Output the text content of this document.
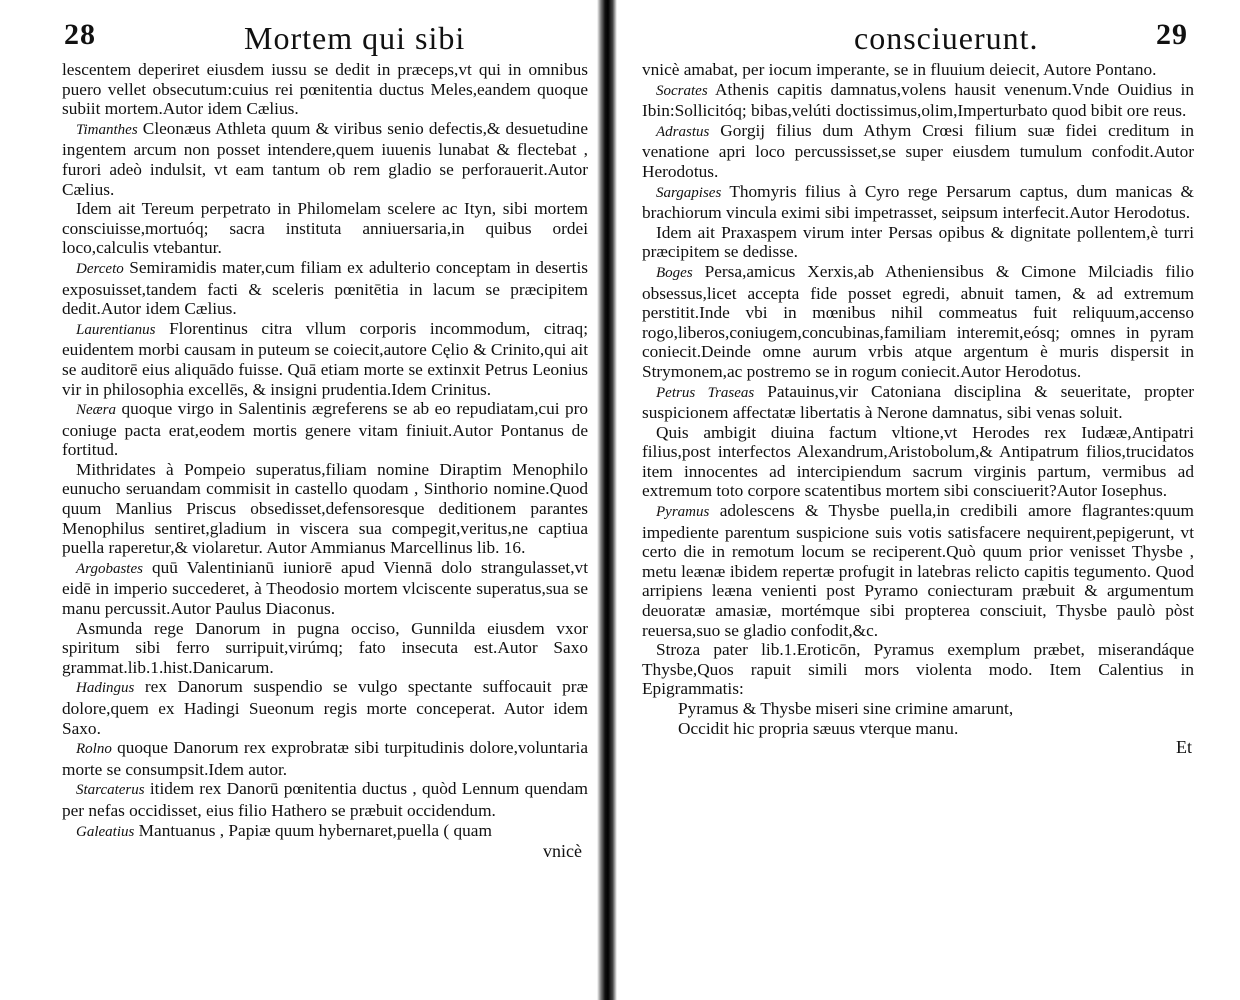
28	Mortem qui sibi

lescentem deperiret eiusdem iussu se dedit in præceps,vt qui in omnibus puero vellet obsecutum:cuius rei pœnitentia ductus Meles,eandem quoque subiit mortem.Autor idem Cælius.

Timanthes Cleonæus Athleta quum & viribus senio defectis,& desuetudine ingentem arcum non posset intendere,quem iuuenis lunabat & flectebat , furori adeò indulsit, vt eam tantum ob rem gladio se perforauerit.Autor Cælius.

Idem ait Tereum perpetrato in Philomelam scelere ac Ityn, sibi mortem consciuisse,mortuóq; sacra instituta anniuersaria,in quibus ordei loco,calculis vtebantur.

Derceto Semiramidis mater,cum filiam ex adulterio conceptam in desertis exposuisset,tandem facti & sceleris pœnitētia in lacum se præcipitem dedit.Autor idem Cælius.

Laurentianus Florentinus citra vllum corporis incommodum, citraq; euidentem morbi causam in puteum se coiecit,autore Cęlio & Crinito,qui ait se auditorē eius aliquādo fuisse. Quā etiam morte se extinxit Petrus Leonius vir in philosophia excellēs, & insigni prudentia.Idem Crinitus.

Neæra quoque virgo in Salentinis ægreferens se ab eo repudiatam,cui pro coniuge pacta erat,eodem mortis genere vitam finiuit.Autor Pontanus de fortitud.

Mithridates à Pompeio superatus,filiam nomine Diraptim Menophilo eunucho seruandam commisit in castello quodam , Sinthorio nomine.Quod quum Manlius Priscus obsedisset,defensoresque deditionem parantes Menophilus sentiret,gladium in viscera sua compegit,veritus,ne captiua puella raperetur,& violaretur. Autor Ammianus Marcellinus lib. 16.

Argobastes quū Valentinianū iuniorē apud Viennā dolo strangulasset,vt eidē in imperio succederet, à Theodosio mortem vlciscente superatus,sua se manu percussit.Autor Paulus Diaconus.

Asmunda rege Danorum in pugna occiso, Gunnilda eiusdem vxor spiritum sibi ferro surripuit,virúmq; fato insecuta est.Autor Saxo grammat.lib.1.hist.Danicarum.

Hadingus rex Danorum suspendio se vulgo spectante suffocauit præ dolore,quem ex Hadingi Sueonum regis morte conceperat. Autor idem Saxo.

Rolno quoque Danorum rex exprobratæ sibi turpitudinis dolore,voluntaria morte se consumpsit.Idem autor.

Starcaterus itidem rex Danorū pœnitentia ductus , quòd Lennum quendam per nefas occidisset, eius filio Hathero se præbuit occidendum.

Galeatius Mantuanus , Papiæ quum hybernaret,puella ( quam

vnicè
consciuerunt.	29

vnicè amabat, per iocum imperante, se in fluuium deiecit, Autore Pontano.

Socrates Athenis capitis damnatus,volens hausit venenum.Vnde Ouidius in Ibin:Sollicitóq; bibas,velúti doctissimus,olim,Imperturbato quod bibit ore reus.

Adrastus Gorgij filius dum Athym Crœsi filium suæ fidei creditum in venatione apri loco percussisset,se super eiusdem tumulum confodit.Autor Herodotus.

Sargapises Thomyris filius à Cyro rege Persarum captus, dum manicas & brachiorum vincula eximi sibi impetrasset, seipsum interfecit.Autor Herodotus.

Idem ait Praxaspem virum inter Persas opibus & dignitate pollentem,è turri præcipitem se dedisse.

Boges Persa,amicus Xerxis,ab Atheniensibus & Cimone Milciadis filio obsessus,licet accepta fide posset egredi, abnuit tamen, & ad extremum perstitit.Inde vbi in mœnibus nihil commeatus fuit reliquum,accenso rogo,liberos,coniugem,concubinas,familiam interemit,eósq; omnes in pyram coniecit.Deinde omne aurum vrbis atque argentum è muris dispersit in Strymonem,ac postremo se in rogum coniecit.Autor Herodotus.

Petrus Traseas Patauinus,vir Catoniana disciplina & seueritate, propter suspicionem affectatæ libertatis à Nerone damnatus, sibi venas soluit.

Quis ambigit diuina factum vltione,vt Herodes rex Iudææ,Antipatri filius,post interfectos Alexandrum,Aristobolum,& Antipatrum filios,trucidatos item innocentes ad intercipiendum sacrum virginis partum, vermibus ad extremum toto corpore scatentibus mortem sibi consciuerit?Autor Iosephus.

Pyramus adolescens & Thysbe puella,in credibili amore flagrantes:quum impediente parentum suspicione suis votis satisfacere nequirent,pepigerunt, vt certo die in remotum locum se reciperent.Quò quum prior venisset Thysbe , metu leænæ ibidem repertæ profugit in latebras relicto capitis tegumento. Quod arripiens leæna venienti post Pyramo coniecturam præbuit & argumentum deuoratæ amasiæ, mortémque sibi propterea consciuit, Thysbe paulò pòst reuersa,suo se gladio confodit,&c.

Stroza pater lib.1.Eroticōn, Pyramus exemplum præbet, miserandáque Thysbe,Quos rapuit simili mors violenta modo. Item Calentius in Epigrammatis:

Pyramus & Thysbe miseri sine crimine amarunt,
Occidit hic propria sæuus vterque manu.
Et
